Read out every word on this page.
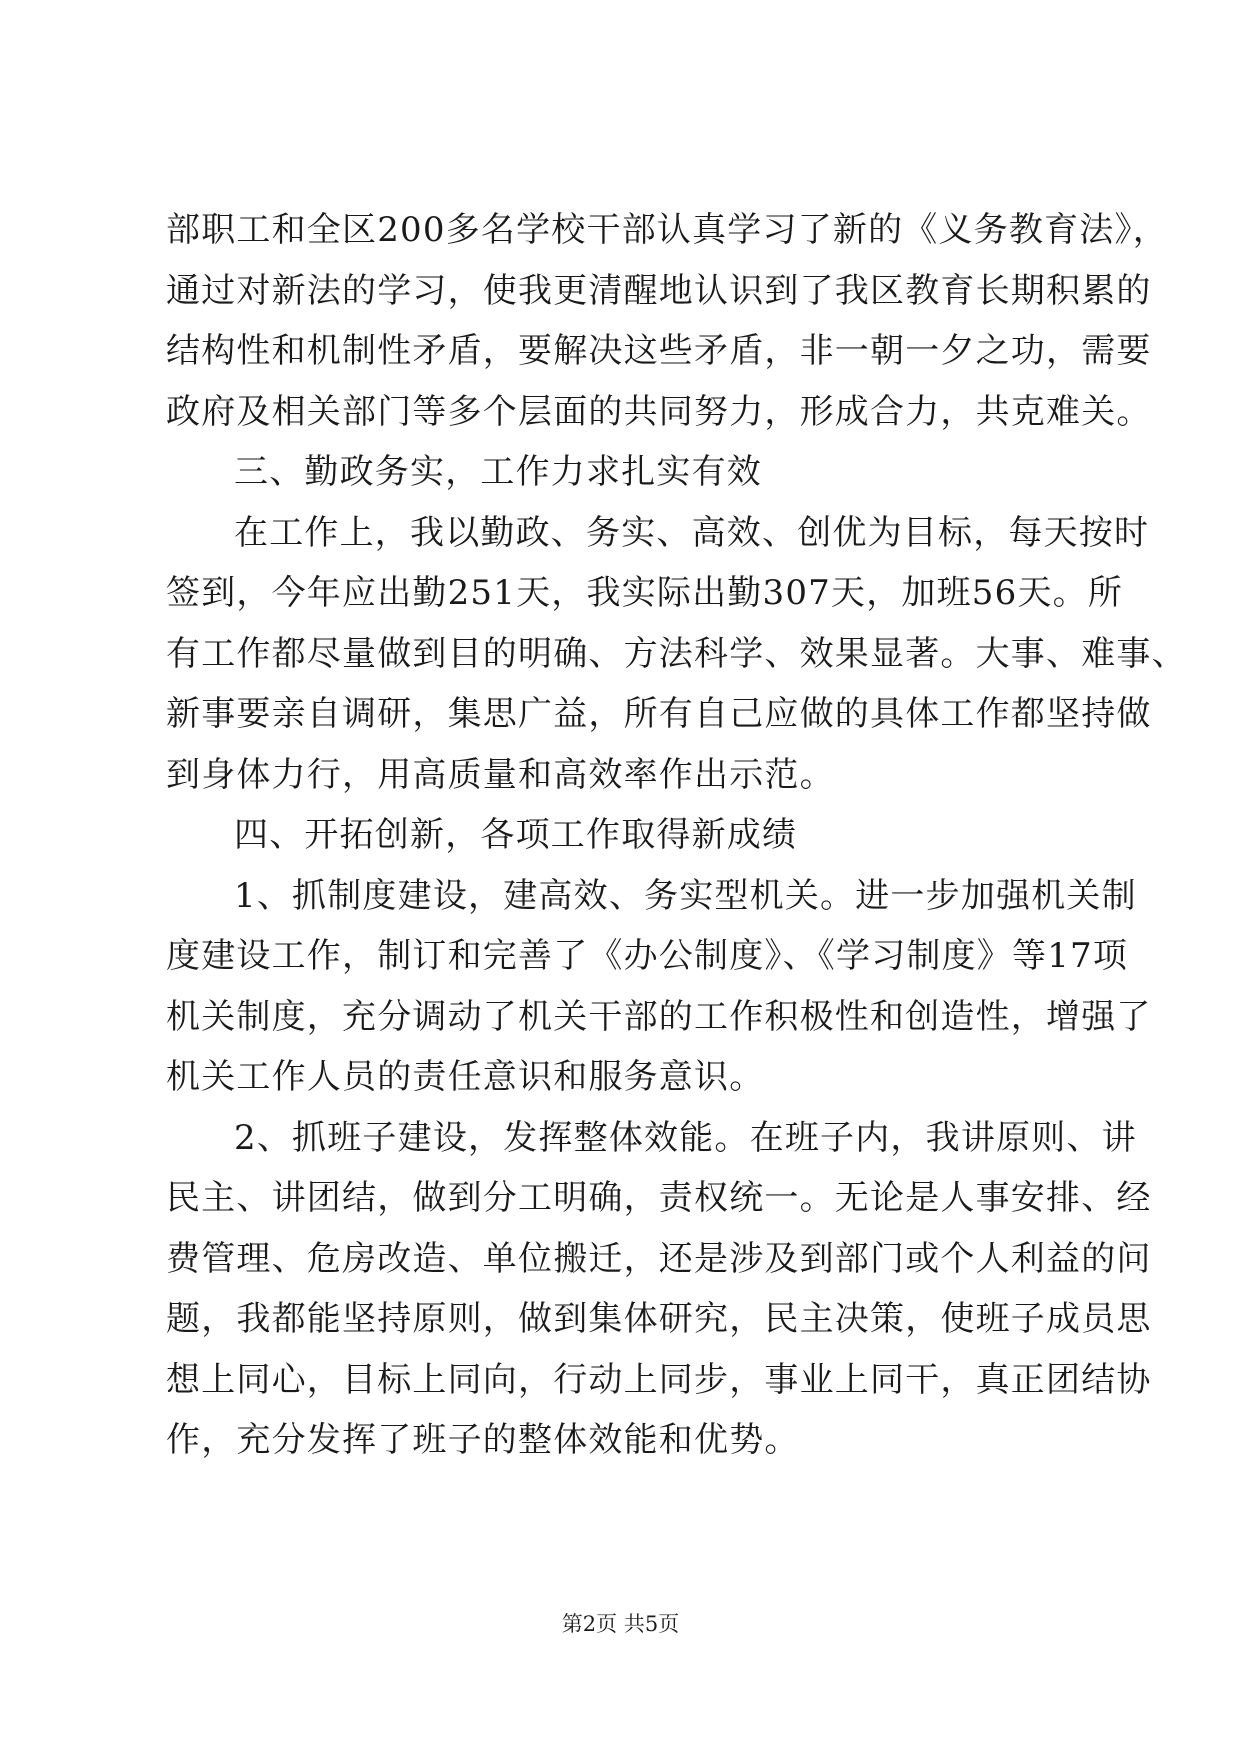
部职工和全区200多名学校干部认真学习了新的《义务教育法》，
通过对新法的学习，使我更清醒地认识到了我区教育长期积累的
结构性和机制性矛盾，要解决这些矛盾，非一朝一夕之功，需要
政府及相关部门等多个层面的共同努力，形成合力，共克难关。
三、勤政务实，工作力求扎实有效
在工作上，我以勤政、务实、高效、创优为目标，每天按时
签到，今年应出勤251天，我实际出勤307天，加班56天。所
有工作都尽量做到目的明确、方法科学、效果显著。大事、难事、
新事要亲自调研，集思广益，所有自己应做的具体工作都坚持做
到身体力行，用高质量和高效率作出示范。
四、开拓创新，各项工作取得新成绩
1、抓制度建设，建高效、务实型机关。进一步加强机关制
度建设工作，制订和完善了《办公制度》、《学习制度》等17项
机关制度，充分调动了机关干部的工作积极性和创造性，增强了
机关工作人员的责任意识和服务意识。
2、抓班子建设，发挥整体效能。在班子内，我讲原则、讲
民主、讲团结，做到分工明确，责权统一。无论是人事安排、经
费管理、危房改造、单位搬迁，还是涉及到部门或个人利益的问
题，我都能坚持原则，做到集体研究，民主决策，使班子成员思
想上同心，目标上同向，行动上同步，事业上同干，真正团结协
作，充分发挥了班子的整体效能和优势。
第2页 共5页
